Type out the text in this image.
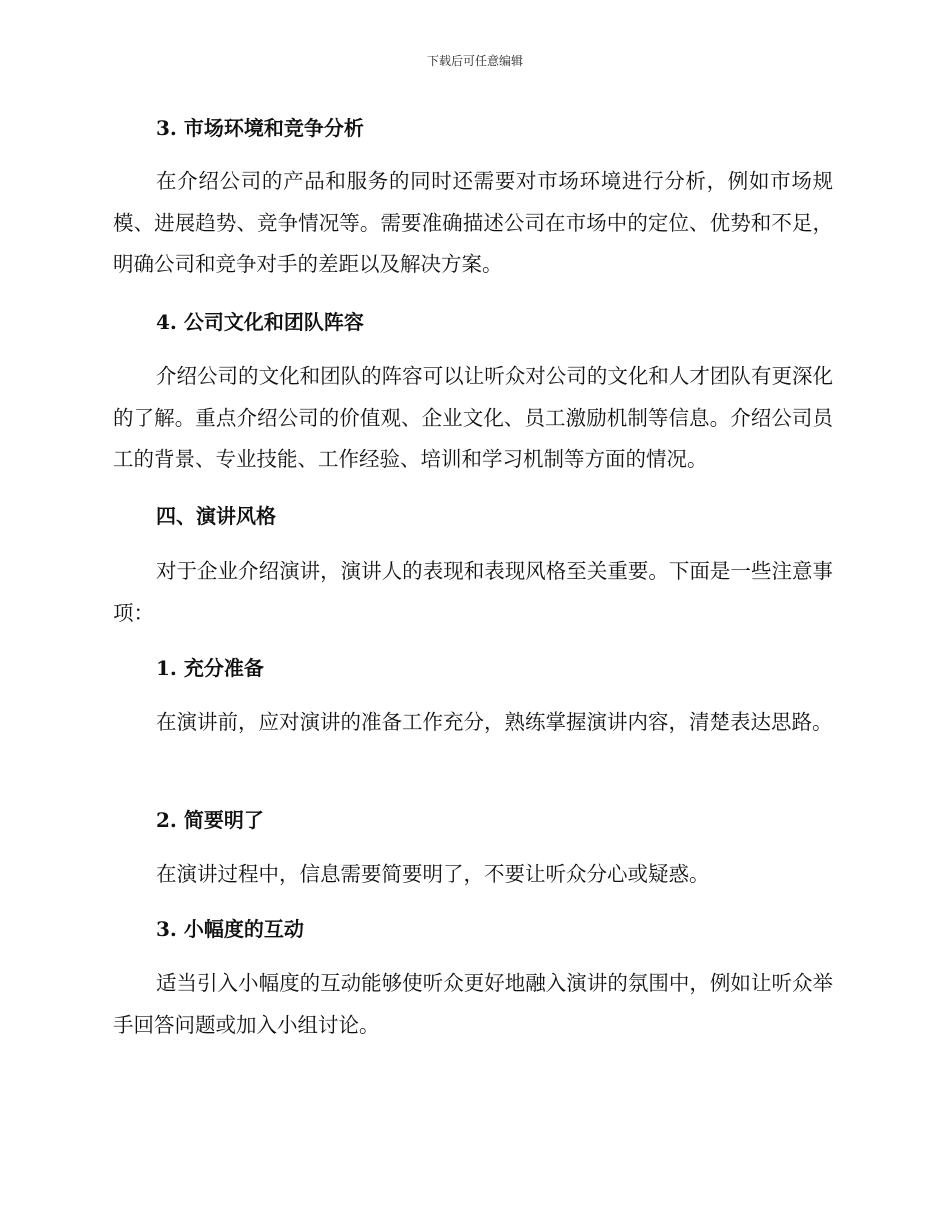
下载后可任意编辑
3. 市场环境和竞争分析
在介绍公司的产品和服务的同时还需要对市场环境进行分析，例如市场规模、进展趋势、竞争情况等。需要准确描述公司在市场中的定位、优势和不足，明确公司和竞争对手的差距以及解决方案。
4. 公司文化和团队阵容
介绍公司的文化和团队的阵容可以让听众对公司的文化和人才团队有更深化的了解。重点介绍公司的价值观、企业文化、员工激励机制等信息。介绍公司员工的背景、专业技能、工作经验、培训和学习机制等方面的情况。
四、演讲风格
对于企业介绍演讲，演讲人的表现和表现风格至关重要。下面是一些注意事项：
1. 充分准备
在演讲前，应对演讲的准备工作充分，熟练掌握演讲内容，清楚表达思路。
2. 简要明了
在演讲过程中，信息需要简要明了，不要让听众分心或疑惑。
3. 小幅度的互动
适当引入小幅度的互动能够使听众更好地融入演讲的氛围中，例如让听众举手回答问题或加入小组讨论。
